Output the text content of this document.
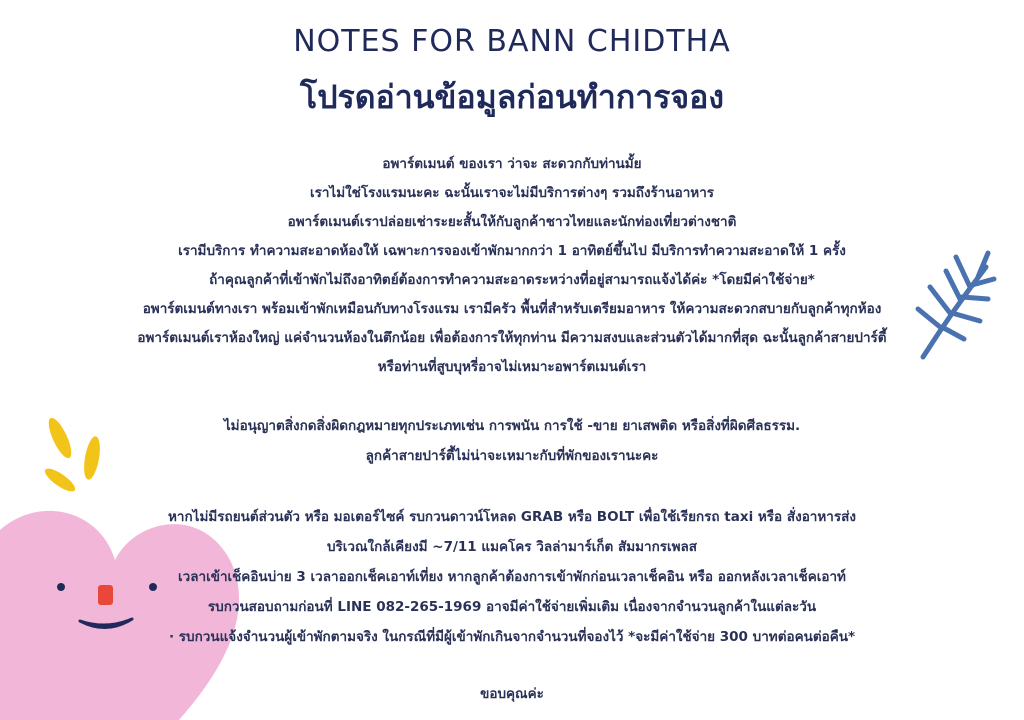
NOTES FOR BANN CHIDTHA
โปรดอ่านข้อมูลก่อนทำการจอง
อพาร์ตเมนต์ ของเรา ว่าจะ สะดวกกับท่านมั้ย
เราไม่ใช่โรงแรมนะคะ ฉะนั้นเราจะไม่มีบริการต่างๆ รวมถึงร้านอาหาร
อพาร์ตเมนต์เราปล่อยเช่าระยะสั้นให้กับลูกค้าชาวไทยและนักท่องเที่ยวต่างชาติ
เรามีบริการ ทำความสะอาดห้องให้ เฉพาะการจองเข้าพักมากกว่า 1 อาทิตย์ขึ้นไป มีบริการทำความสะอาดให้ 1 ครั้ง
ถ้าคุณลูกค้าที่เข้าพักไม่ถึงอาทิตย์ต้องการทำความสะอาดระหว่างที่อยู่สามารถแจ้งได้ค่ะ *โดยมีค่าใช้จ่าย*
อพาร์ตเมนต์ทางเรา พร้อมเข้าพักเหมือนกับทางโรงแรม เรามีครัว พื้นที่สำหรับเตรียมอาหาร ให้ความสะดวกสบายกับลูกค้าทุกห้อง
อพาร์ตเมนต์เราห้องใหญ่ แค่จำนวนห้องในตึกน้อย เพื่อต้องการให้ทุกท่าน มีความสงบและส่วนตัวได้มากที่สุด ฉะนั้นลูกค้าสายปาร์ตี้
หรือท่านที่สูบบุหรี่อาจไม่เหมาะอพาร์ตเมนต์เรา
ไม่อนุญาตสิ่งกดสิ่งผิดกฎหมายทุกประเภทเช่น การพนัน การใช้ -ขาย ยาเสพติด หรือสิ่งที่ผิดศีลธรรม.
ลูกค้าสายปาร์ตี้ไม่น่าจะเหมาะกับที่พักของเรานะคะ
หากไม่มีรถยนต์ส่วนตัว หรือ มอเตอร์ไซค์ รบกวนดาวน์โหลด GRAB หรือ BOLT เพื่อใช้เรียกรถ taxi หรือ สั่งอาหารส่ง
บริเวณใกล้เคียงมี ~7/11 แมคโคร วิลล่ามาร์เก็ต สัมมากรเพลส
เวลาเข้าเช็คอินบ่าย 3 เวลาออกเช็คเอาท์เที่ยง หากลูกค้าต้องการเข้าพักก่อนเวลาเช็คอิน หรือ ออกหลังเวลาเช็คเอาท์
รบกวนสอบถามก่อนที่ LINE 082-265-1969 อาจมีค่าใช้จ่ายเพิ่มเติม เนื่องจากจำนวนลูกค้าในแต่ละวัน
· รบกวนแจ้งจำนวนผู้เข้าพักตามจริง ในกรณีที่มีผู้เข้าพักเกินจากจำนวนที่จองไว้ *จะมีค่าใช้จ่าย 300 บาทต่อคนต่อคืน*
ขอบคุณค่ะ
